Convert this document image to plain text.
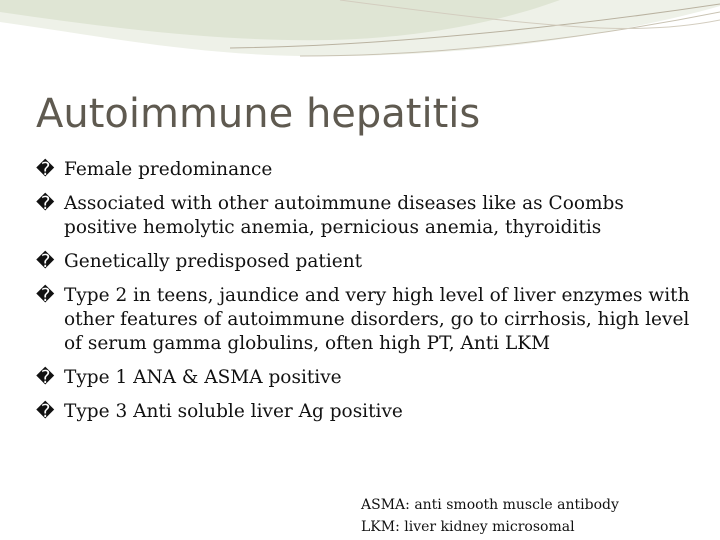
Autoimmune hepatitis
� Female predominance
� Associated with other autoimmune diseases like as Coombs positive hemolytic anemia, pernicious anemia, thyroiditis
� Genetically predisposed patient
� Type 2 in teens, jaundice and very high level of liver enzymes with other features of autoimmune disorders, go to cirrhosis, high level of serum gamma globulins, often high PT, Anti LKM
� Type 1 ANA & ASMA positive
� Type 3 Anti soluble liver Ag positive
ASMA: anti smooth muscle antibody
LKM: liver kidney microsomal
